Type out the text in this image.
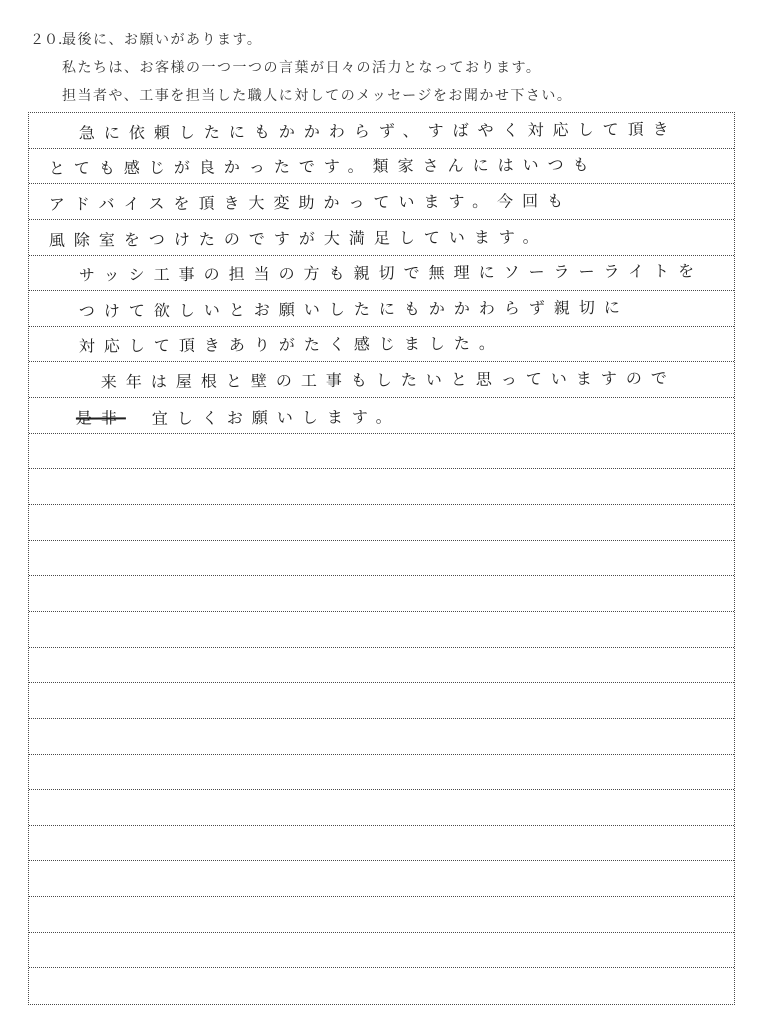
２０．
最後に、お願いがあります。
私たちは、お客様の一つ一つの言葉が日々の活力となっております。
担当者や、工事を担当した職人に対してのメッセージをお聞かせ下さい。
急に依頼したにもかかわらず、すばやく対応して頂き
とても感じが良かったです。類家さんにはいつも
アドバイスを頂き大変助かっています。今回も
風除室をつけたのですが大満足しています。
サッシ工事の担当の方も親切で無理にソーラーライトを
つけて欲しいとお願いしたにもかかわらず親切に
対応して頂きありがたく感じました。
来年は屋根と壁の工事もしたいと思っていますので
是非 宜しくお願いします。
